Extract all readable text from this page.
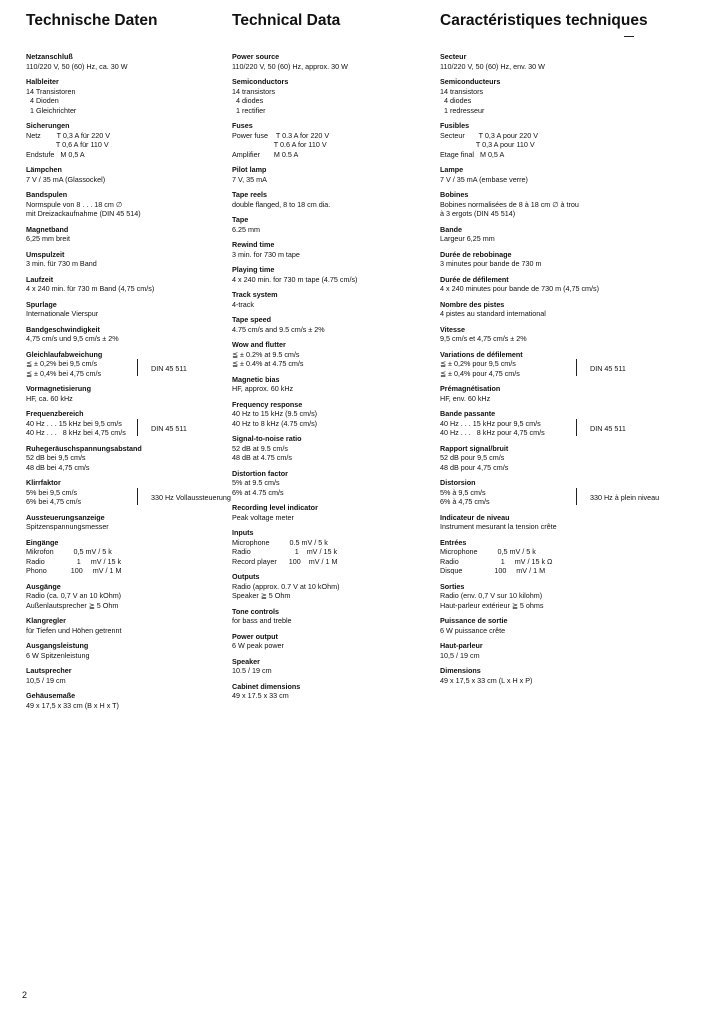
Technische Daten
Netzanschluß
110/220 V, 50 (60) Hz, ca. 30 W
Halbleiter
14 Transistoren
4 Dioden
1 Gleichrichter
Sicherungen
Netz        T 0,3 A für 220 V
T 0,6 A für 110 V
Endstufe   M 0,5 A
Lämpchen
7 V / 35 mA (Glassockel)
Bandspulen
Normspule von 8 . . . 18 cm ∅
mit Dreizackaufnahme (DIN 45 514)
Magnetband
6,25 mm breit
Umspulzeit
3 min. für 730 m Band
Laufzeit
4 x 240 min. für 730 m Band (4,75 cm/s)
Spurlage
Internationale Vierspur
Bandgeschwindigkeit
4,75 cm/s und 9,5 cm/s ± 2%
Gleichlaufabweichung
≦ ± 0,2% bei 9,5 cm/s
≦ ± 0,4% bei 4,75 cm/s	DIN 45 511
Vormagnetisierung
HF, ca. 60 kHz
Frequenzbereich
40 Hz . . . 15 kHz bei 9,5 cm/s
40 Hz . . .   8 kHz bei 4,75 cm/s	DIN 45 511
Ruhegeräuschspannungsabstand
52 dB bei 9,5 cm/s
48 dB bei 4,75 cm/s
Klirrfaktor
5% bei 9,5 cm/s
6% bei 4,75 cm/s	330 Hz Vollaussteuerung
Aussteuerungsanzeige
Spitzenspannungsmesser
Eingänge
Mikrofon          0,5 mV / 5 k
Radio                1     mV / 15 k
Phono            100     mV / 1 M
Ausgänge
Radio (ca. 0,7 V an 10 kOhm)
Außenlautsprecher ≧ 5 Ohm
Klangregler
für Tiefen und Höhen getrennt
Ausgangsleistung
6 W Spitzenleistung
Lautsprecher
10,5 / 19 cm
Gehäusemaße
49 x 17,5 x 33 cm (B x H x T)
Technical Data
Power source
110/220 V, 50 (60) Hz, approx. 30 W
Semiconductors
14 transistors
4 diodes
1 rectifier
Fuses
Power fuse    T 0.3 A for 220 V
T 0.6 A for 110 V
Amplifier       M 0.5 A
Pilot lamp
7 V, 35 mA
Tape reels
double flanged, 8 to 18 cm dia.
Tape
6.25 mm
Rewind time
3 min. for 730 m tape
Playing time
4 x 240 min. for 730 m tape (4.75 cm/s)
Track system
4-track
Tape speed
4.75 cm/s and 9.5 cm/s ± 2%
Wow and flutter
≦ ± 0.2% at 9.5 cm/s
≦ ± 0.4% at 4.75 cm/s
Magnetic bias
HF, approx. 60 kHz
Frequency response
40 Hz to 15 kHz (9.5 cm/s)
40 Hz to 8 kHz (4.75 cm/s)
Signal-to-noise ratio
52 dB at 9.5 cm/s
48 dB at 4.75 cm/s
Distortion factor
5% at 9.5 cm/s
6% at 4.75 cm/s
Recording level indicator
Peak voltage meter
Inputs
Microphone          0.5 mV / 5 k
Radio                      1    mV / 15 k
Record player      100    mV / 1 M
Outputs
Radio (approx. 0.7 V at 10 kOhm)
Speaker ≧ 5 Ohm
Tone controls
for bass and treble
Power output
6 W peak power
Speaker
10.5 / 19 cm
Cabinet dimensions
49 x 17.5 x 33 cm
Caractéristiques techniques
Secteur
110/220 V, 50 (60) Hz, env. 30 W
Semiconducteurs
14 transistors
4 diodes
1 redresseur
Fusibles
Secteur       T 0,3 A pour 220 V
T 0,3 A pour 110 V
Etage final   M 0,5 A
Lampe
7 V / 35 mA (embase verre)
Bobines
Bobines normalisées de 8 à 18 cm ∅ à trou
à 3 ergots (DIN 45 514)
Bande
Largeur 6,25 mm
Durée de rebobinage
3 minutes pour bande de 730 m
Durée de défilement
4 x 240 minutes pour bande de 730 m (4,75 cm/s)
Nombre des pistes
4 pistes au standard international
Vitesse
9,5 cm/s et 4,75 cm/s ± 2%
Variations de défilement
≦ ± 0,2% pour 9,5 cm/s
≦ ± 0,4% pour 4,75 cm/s	DIN 45 511
Prémagnétisation
HF, env. 60 kHz
Bande passante
40 Hz . . . 15 kHz pour 9,5 cm/s
40 Hz . . .   8 kHz pour 4,75 cm/s	DIN 45 511
Rapport signal/bruit
52 dB pour 9,5 cm/s
48 dB pour 4,75 cm/s
Distorsion
5% à 9,5 cm/s
6% à 4,75 cm/s	330 Hz à plein niveau
Indicateur de niveau
Instrument mesurant la tension crête
Entrées
Microphone          0,5 mV / 5 k
Radio                     1     mV / 15 k Ω
Disque                100     mV / 1 M
Sorties
Radio (env. 0,7 V sur 10 kilohm)
Haut-parleur extérieur ≧ 5 ohms
Puissance de sortie
6 W puissance crête
Haut-parleur
10,5 / 19 cm
Dimensions
49 x 17,5 x 33 cm (L x H x P)
2
